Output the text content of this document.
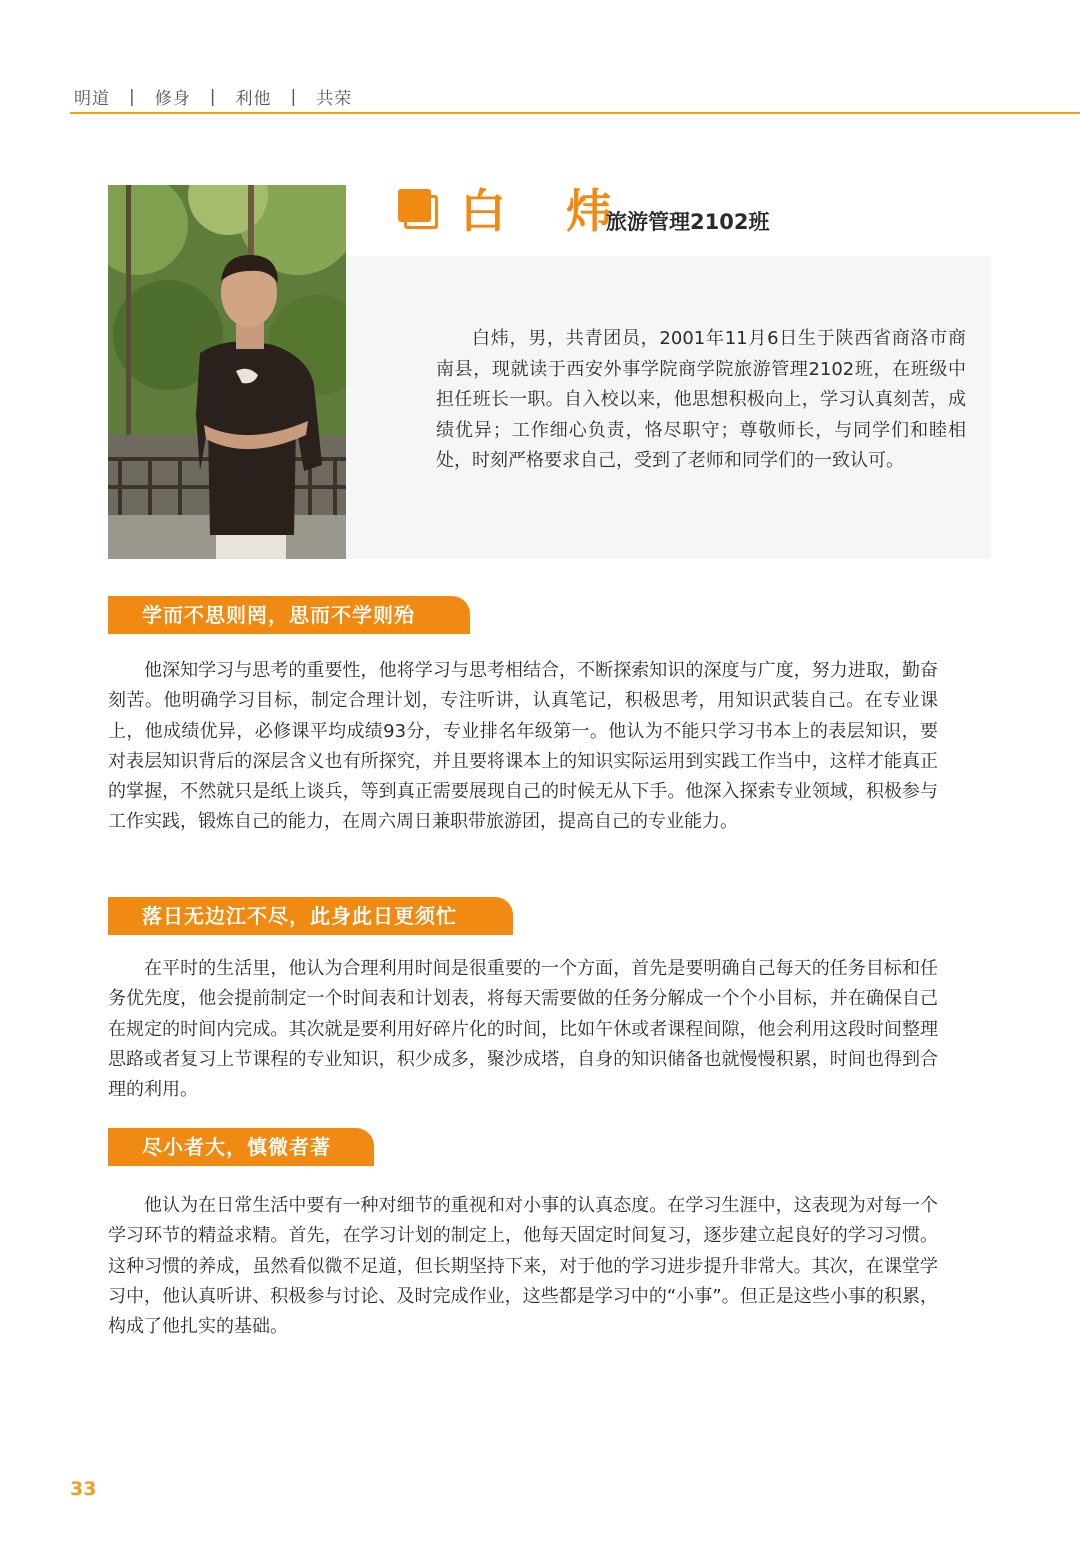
明道 | 修身 | 利他 | 共荣
白 炜
旅游管理2102班

白炜，男，共青团员，2001年11月6日生于陕西省商洛市商南县，现就读于西安外事学院商学院旅游管理2102班，在班级中担任班长一职。自入校以来，他思想积极向上，学习认真刻苦，成绩优异；工作细心负责，恪尽职守；尊敬师长，与同学们和睦相处，时刻严格要求自己，受到了老师和同学们的一致认可。

学而不思则罔，思而不学则殆

他深知学习与思考的重要性，他将学习与思考相结合，不断探索知识的深度与广度，努力进取，勤奋刻苦。他明确学习目标，制定合理计划，专注听讲，认真笔记，积极思考，用知识武装自己。在专业课上，他成绩优异，必修课平均成绩93分，专业排名年级第一。他认为不能只学习书本上的表层知识，要对表层知识背后的深层含义也有所探究，并且要将课本上的知识实际运用到实践工作当中，这样才能真正的掌握，不然就只是纸上谈兵，等到真正需要展现自己的时候无从下手。他深入探索专业领域，积极参与工作实践，锻炼自己的能力，在周六周日兼职带旅游团，提高自己的专业能力。

落日无边江不尽，此身此日更须忙

在平时的生活里，他认为合理利用时间是很重要的一个方面，首先是要明确自己每天的任务目标和任务优先度，他会提前制定一个时间表和计划表，将每天需要做的任务分解成一个个小目标，并在确保自己在规定的时间内完成。其次就是要利用好碎片化的时间，比如午休或者课程间隙，他会利用这段时间整理思路或者复习上节课程的专业知识，积少成多，聚沙成塔，自身的知识储备也就慢慢积累，时间也得到合理的利用。

尽小者大，慎微者著

他认为在日常生活中要有一种对细节的重视和对小事的认真态度。在学习生涯中，这表现为对每一个学习环节的精益求精。首先，在学习计划的制定上，他每天固定时间复习，逐步建立起良好的学习习惯。这种习惯的养成，虽然看似微不足道，但长期坚持下来，对于他的学习进步提升非常大。其次，在课堂学习中，他认真听讲、积极参与讨论、及时完成作业，这些都是学习中的“小事”。但正是这些小事的积累，构成了他扎实的基础。

33
